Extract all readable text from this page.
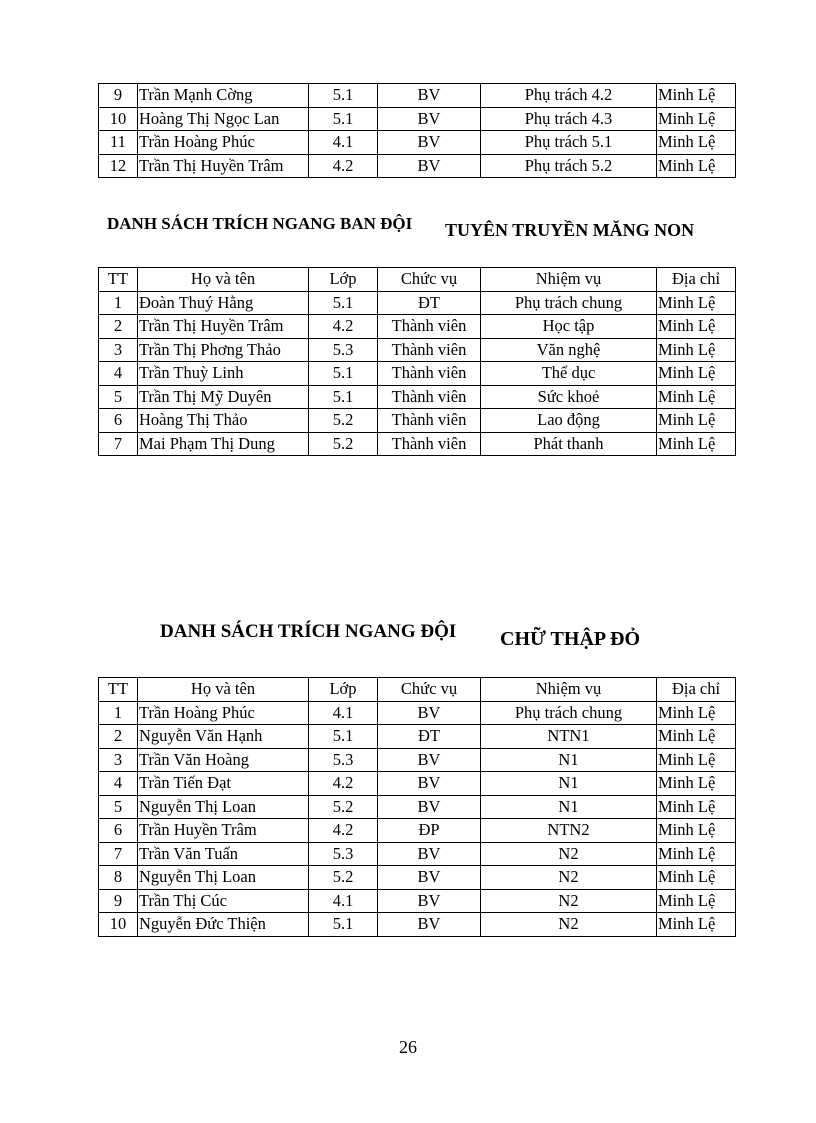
9	Trần Mạnh Cờng	5.1	BV	Phụ trách 4.2	Minh Lệ
10	Hoàng Thị Ngọc Lan	5.1	BV	Phụ trách 4.3	Minh Lệ
11	Trần Hoàng Phúc	4.1	BV	Phụ trách 5.1	Minh Lệ
12	Trần Thị Huyền Trâm	4.2	BV	Phụ trách 5.2	Minh Lệ
DANH SÁCH TRÍCH NGANG BAN ĐỘI TUYÊN TRUYỀN MĂNG NON
TT	Họ và tên	Lớp	Chức vụ	Nhiệm vụ	Địa chỉ
1	Đoàn Thuý Hằng	5.1	ĐT	Phụ trách chung	Minh Lệ
2	Trần Thị Huyền Trâm	4.2	Thành viên	Học tập	Minh Lệ
3	Trần Thị Phơng Thảo	5.3	Thành viên	Văn nghệ	Minh Lệ
4	Trần Thuỳ Linh	5.1	Thành viên	Thể dục	Minh Lệ
5	Trần Thị Mỹ Duyên	5.1	Thành viên	Sức khoẻ	Minh Lệ
6	Hoàng Thị Thảo	5.2	Thành viên	Lao động	Minh Lệ
7	Mai Phạm Thị Dung	5.2	Thành viên	Phát thanh	Minh Lệ
DANH SÁCH TRÍCH NGANG ĐỘI CHỮ THẬP ĐỎ
TT	Họ và tên	Lớp	Chức vụ	Nhiệm vụ	Địa chỉ
1	Trần Hoàng Phúc	4.1	BV	Phụ trách chung	Minh Lệ
2	Nguyễn Văn Hạnh	5.1	ĐT	NTN1	Minh Lệ
3	Trần Văn Hoàng	5.3	BV	N1	Minh Lệ
4	Trần Tiến Đạt	4.2	BV	N1	Minh Lệ
5	Nguyễn Thị Loan	5.2	BV	N1	Minh Lệ
6	Trần Huyền Trâm	4.2	ĐP	NTN2	Minh Lệ
7	Trần Văn Tuấn	5.3	BV	N2	Minh Lệ
8	Nguyễn Thị Loan	5.2	BV	N2	Minh Lệ
9	Trần Thị Cúc	4.1	BV	N2	Minh Lệ
10	Nguyễn Đức Thiện	5.1	BV	N2	Minh Lệ
26
